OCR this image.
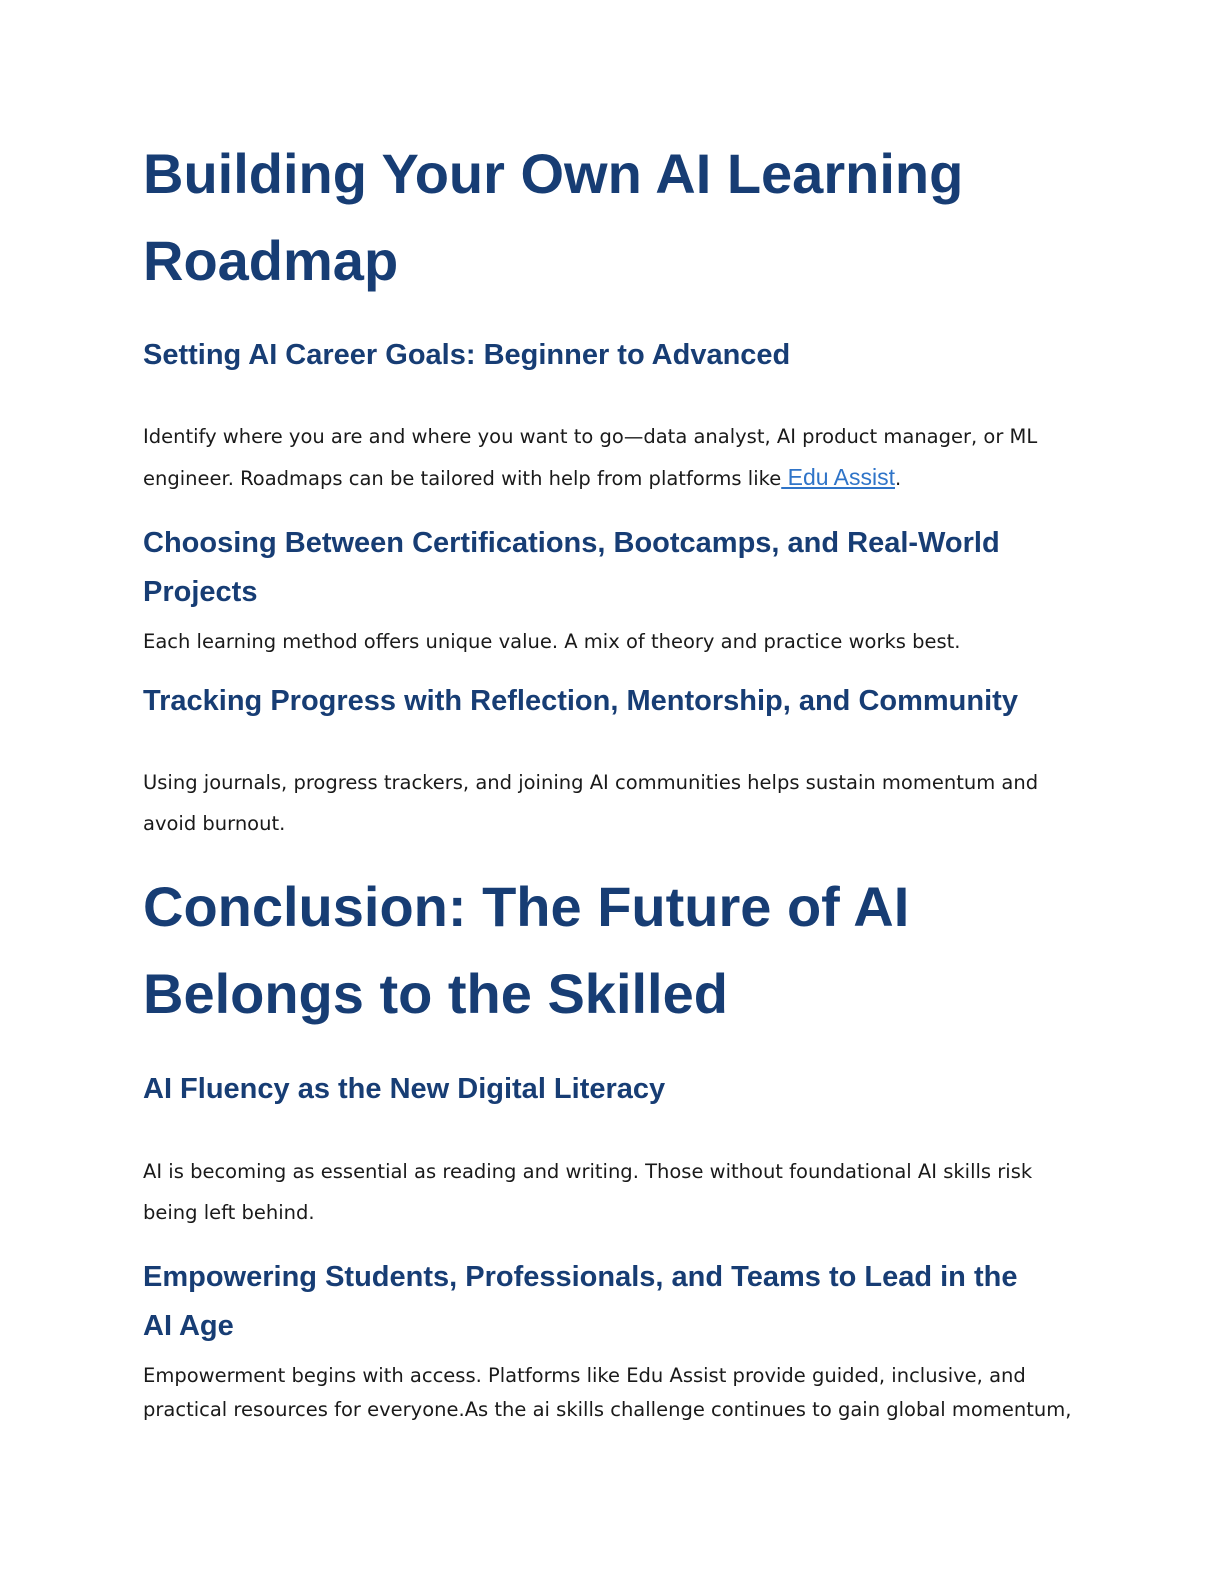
Building Your Own AI Learning
Roadmap
Setting AI Career Goals: Beginner to Advanced
Identify where you are and where you want to go—data analyst, AI product manager, or ML
engineer. Roadmaps can be tailored with help from platforms like Edu Assist.
Choosing Between Certifications, Bootcamps, and Real-World
Projects
Each learning method offers unique value. A mix of theory and practice works best.
Tracking Progress with Reflection, Mentorship, and Community
Using journals, progress trackers, and joining AI communities helps sustain momentum and
avoid burnout.
Conclusion: The Future of AI
Belongs to the Skilled
AI Fluency as the New Digital Literacy
AI is becoming as essential as reading and writing. Those without foundational AI skills risk
being left behind.
Empowering Students, Professionals, and Teams to Lead in the
AI Age
Empowerment begins with access. Platforms like Edu Assist provide guided, inclusive, and
practical resources for everyone.As the ai skills challenge continues to gain global momentum,
